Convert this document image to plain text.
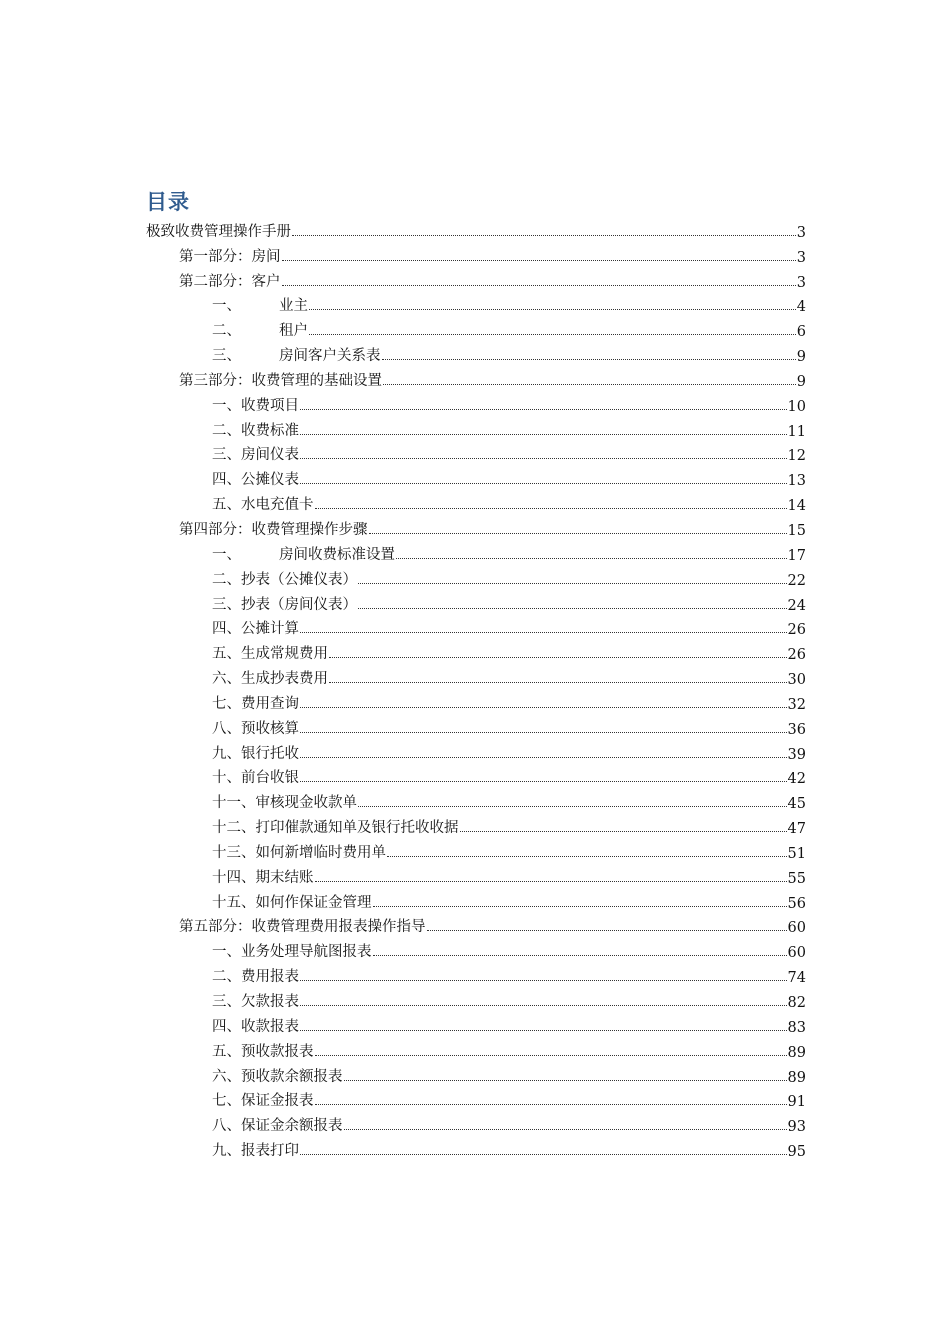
目录
极致收费管理操作手册	3
第一部分：房间	3
第二部分：客户	3
一、	业主	4
二、	租户	6
三、	房间客户关系表	9
第三部分：收费管理的基础设置	9
一、收费项目	10
二、收费标准	11
三、房间仪表	12
四、公摊仪表	13
五、水电充值卡	14
第四部分：收费管理操作步骤	15
一、	房间收费标准设置	17
二、抄表（公摊仪表）	22
三、抄表（房间仪表）	24
四、公摊计算	26
五、生成常规费用	26
六、生成抄表费用	30
七、费用查询	32
八、预收核算	36
九、银行托收	39
十、前台收银	42
十一、审核现金收款单	45
十二、打印催款通知单及银行托收收据	47
十三、如何新增临时费用单	51
十四、期末结账	55
十五、如何作保证金管理	56
第五部分：收费管理费用报表操作指导	60
一、业务处理导航图报表	60
二、费用报表	74
三、欠款报表	82
四、收款报表	83
五、预收款报表	89
六、预收款余额报表	89
七、保证金报表	91
八、保证金余额报表	93
九、报表打印	95
